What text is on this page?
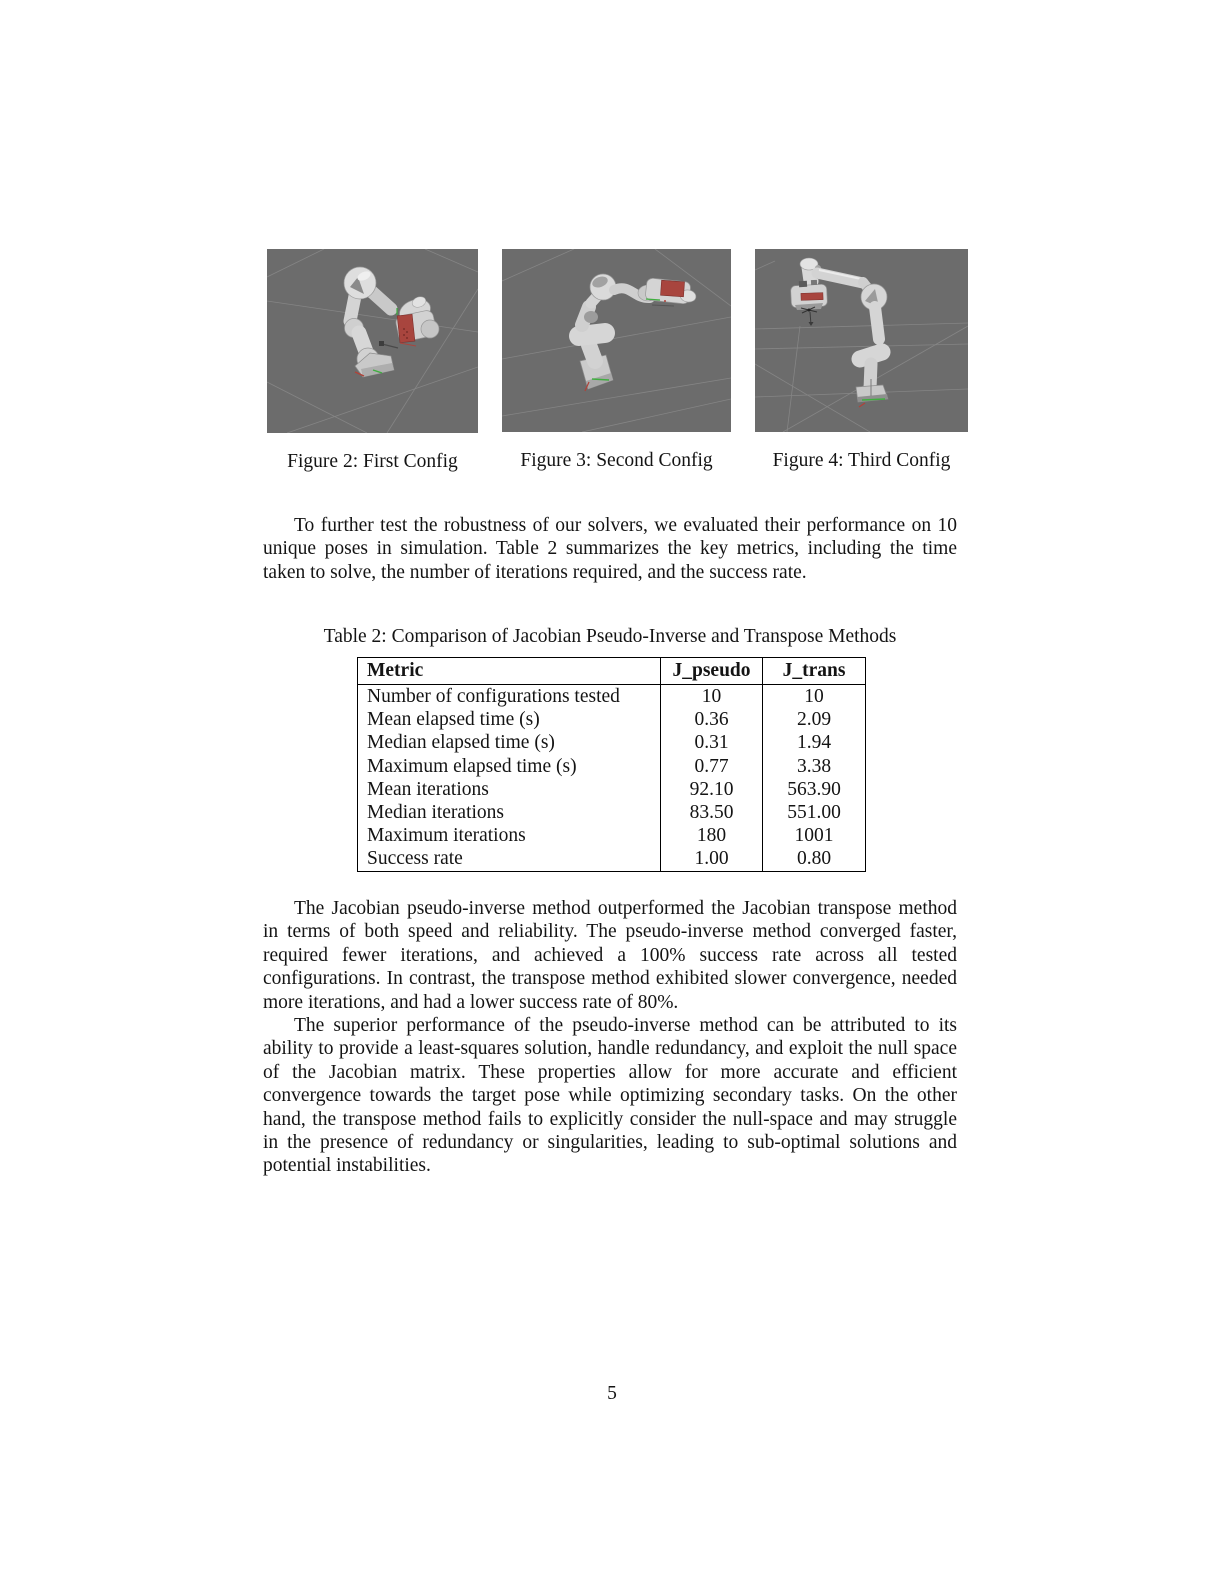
Figure 2: First Config	Figure 3: Second Config	Figure 4: Third Config

To further test the robustness of our solvers, we evaluated their performance on 10 unique poses in simulation. Table 2 summarizes the key metrics, including the time taken to solve, the number of iterations required, and the success rate.

Table 2: Comparison of Jacobian Pseudo-Inverse and Transpose Methods
Metric	J_pseudo	J_trans
Number of configurations tested	10	10
Mean elapsed time (s)	0.36	2.09
Median elapsed time (s)	0.31	1.94
Maximum elapsed time (s)	0.77	3.38
Mean iterations	92.10	563.90
Median iterations	83.50	551.00
Maximum iterations	180	1001
Success rate	1.00	0.80

The Jacobian pseudo-inverse method outperformed the Jacobian transpose method in terms of both speed and reliability. The pseudo-inverse method converged faster, required fewer iterations, and achieved a 100% success rate across all tested configurations. In contrast, the transpose method exhibited slower convergence, needed more iterations, and had a lower success rate of 80%.

The superior performance of the pseudo-inverse method can be attributed to its ability to provide a least-squares solution, handle redundancy, and exploit the null space of the Jacobian matrix. These properties allow for more accurate and efficient convergence towards the target pose while optimizing secondary tasks. On the other hand, the transpose method fails to explicitly consider the null-space and may struggle in the presence of redundancy or singularities, leading to sub-optimal solutions and potential instabilities.

5
